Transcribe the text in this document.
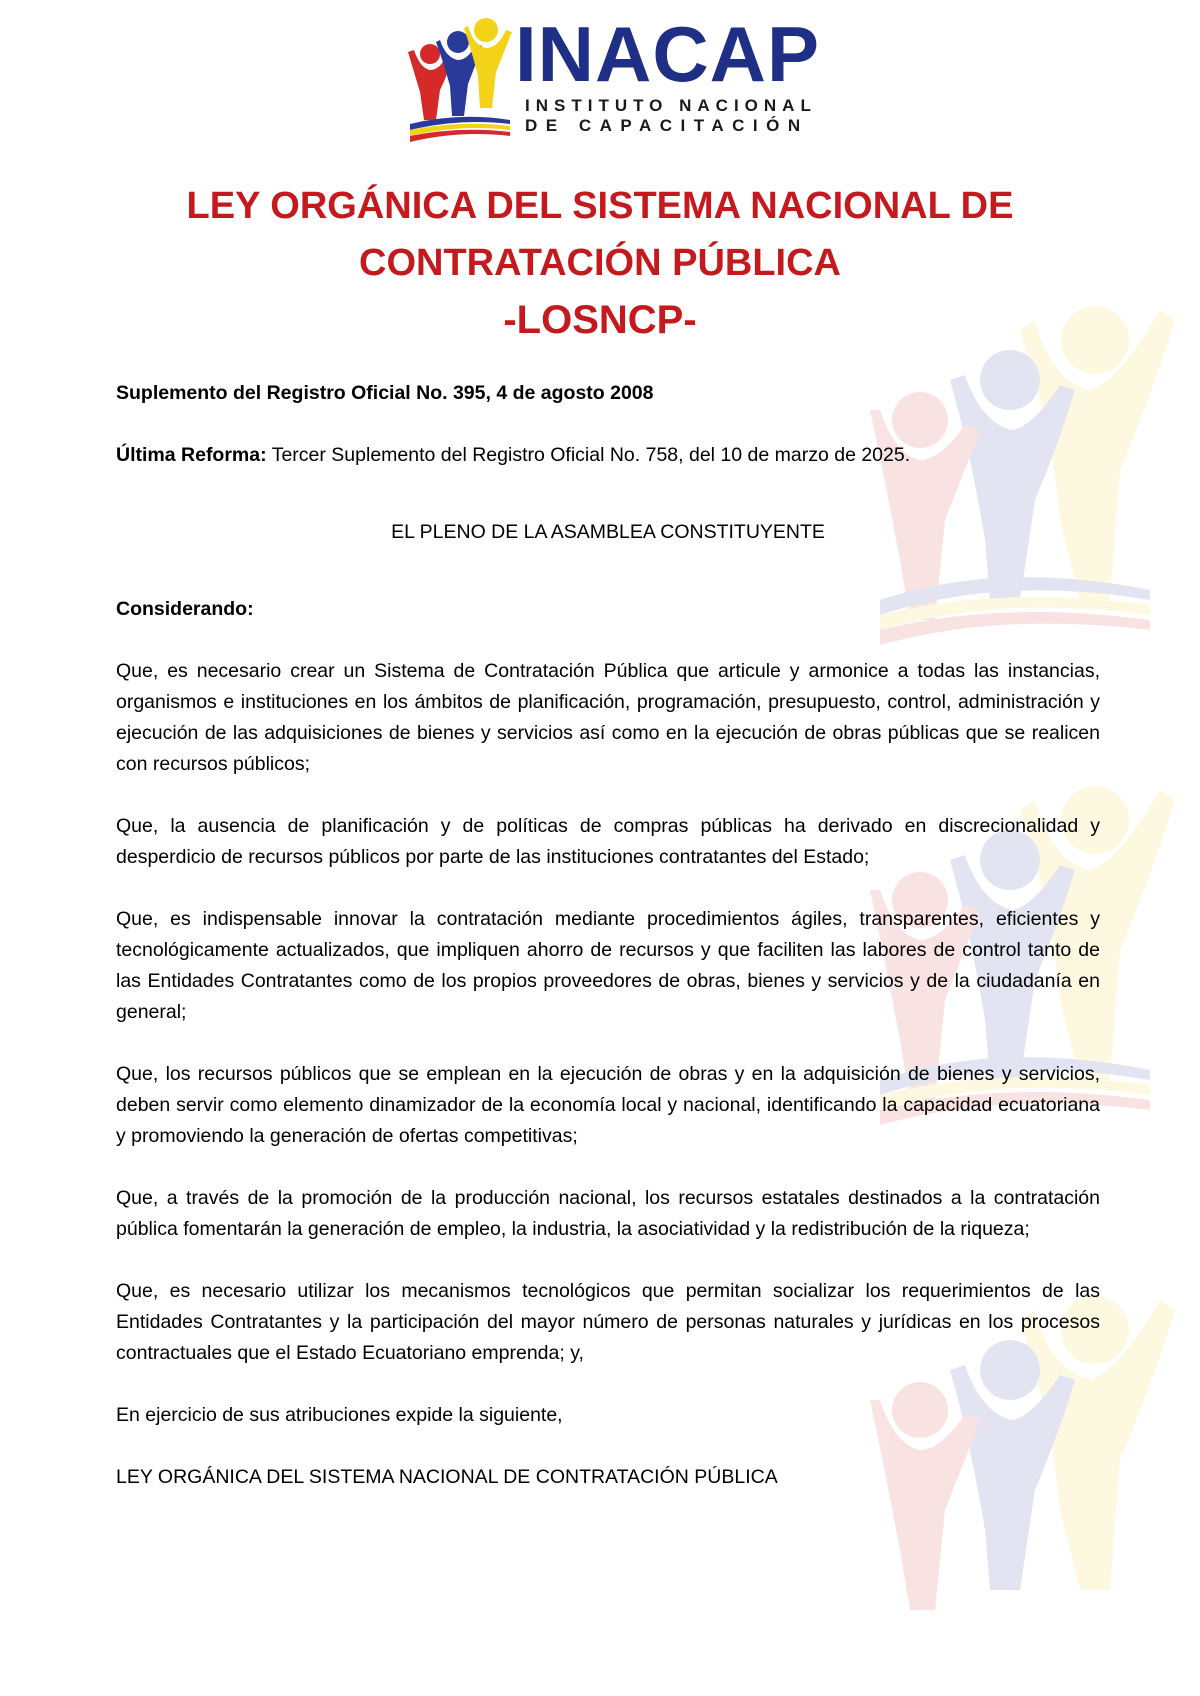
INACAP
INSTITUTO NACIONAL
DE CAPACITACIÓN
LEY ORGÁNICA DEL SISTEMA NACIONAL DE
CONTRATACIÓN PÚBLICA
-LOSNCP-

Suplemento del Registro Oficial No. 395, 4 de agosto 2008

Última Reforma: Tercer Suplemento del Registro Oficial No. 758, del 10 de marzo de 2025.

EL PLENO DE LA ASAMBLEA CONSTITUYENTE

Considerando:

Que, es necesario crear un Sistema de Contratación Pública que articule y armonice a todas las instancias, organismos e instituciones en los ámbitos de planificación, programación, presupuesto, control, administración y ejecución de las adquisiciones de bienes y servicios así como en la ejecución de obras públicas que se realicen con recursos públicos;

Que, la ausencia de planificación y de políticas de compras públicas ha derivado en discrecionalidad y desperdicio de recursos públicos por parte de las instituciones contratantes del Estado;

Que, es indispensable innovar la contratación mediante procedimientos ágiles, transparentes, eficientes y tecnológicamente actualizados, que impliquen ahorro de recursos y que faciliten las labores de control tanto de las Entidades Contratantes como de los propios proveedores de obras, bienes y servicios y de la ciudadanía en general;

Que, los recursos públicos que se emplean en la ejecución de obras y en la adquisición de bienes y servicios, deben servir como elemento dinamizador de la economía local y nacional, identificando la capacidad ecuatoriana y promoviendo la generación de ofertas competitivas;

Que, a través de la promoción de la producción nacional, los recursos estatales destinados a la contratación pública fomentarán la generación de empleo, la industria, la asociatividad y la redistribución de la riqueza;

Que, es necesario utilizar los mecanismos tecnológicos que permitan socializar los requerimientos de las Entidades Contratantes y la participación del mayor número de personas naturales y jurídicas en los procesos contractuales que el Estado Ecuatoriano emprenda; y,

En ejercicio de sus atribuciones expide la siguiente,

LEY ORGÁNICA DEL SISTEMA NACIONAL DE CONTRATACIÓN PÚBLICA
